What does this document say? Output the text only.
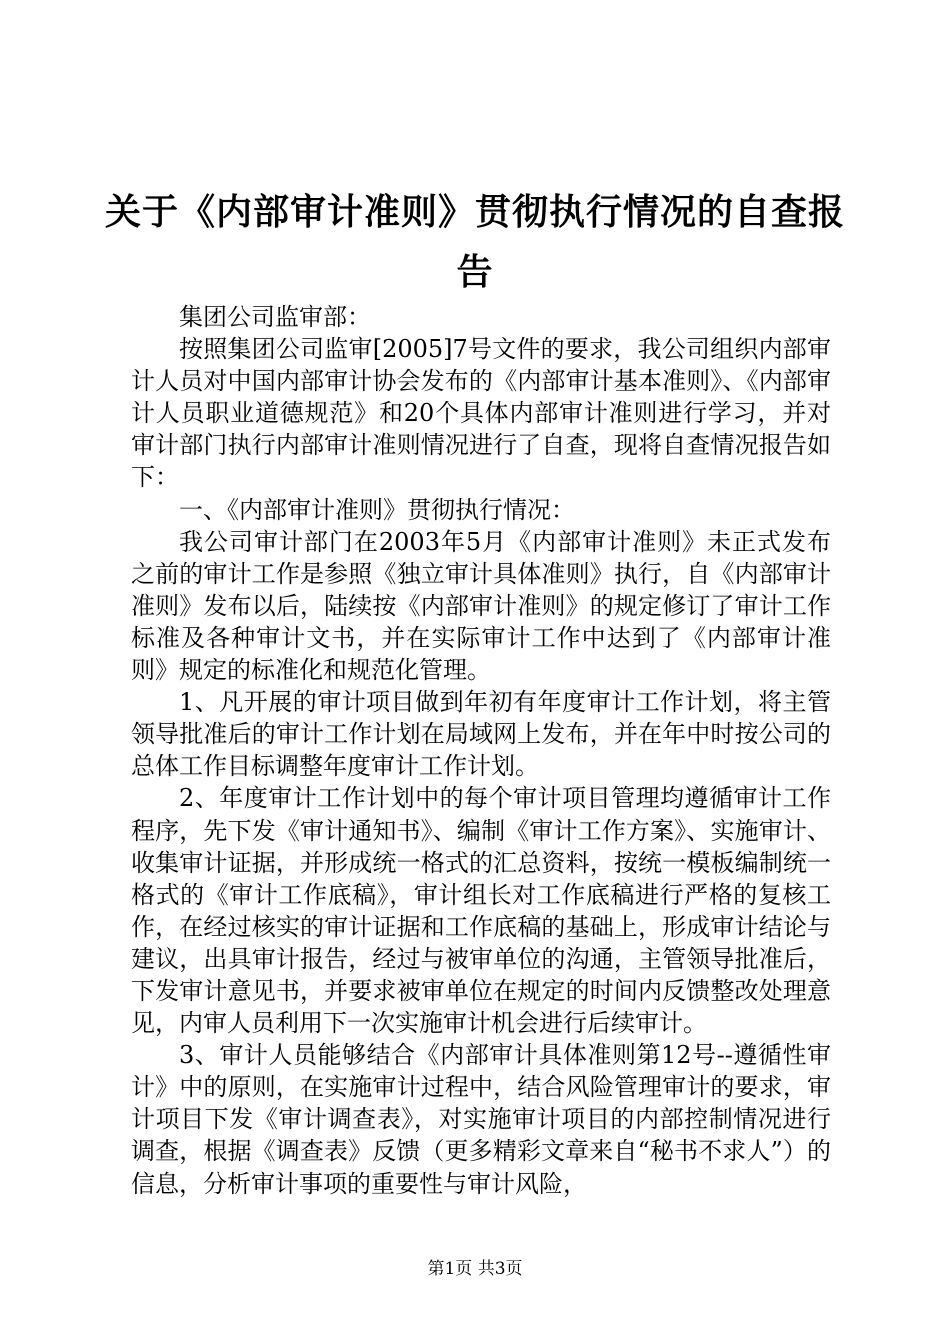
关于《内部审计准则》贯彻执行情况的自查报告

集团公司监审部：

按照集团公司监审[2005]7号文件的要求，我公司组织内部审计人员对中国内部审计协会发布的《内部审计基本准则》、《内部审计人员职业道德规范》和20个具体内部审计准则进行学习，并对审计部门执行内部审计准则情况进行了自查，现将自查情况报告如下：

一、《内部审计准则》贯彻执行情况：

我公司审计部门在2003年5月《内部审计准则》未正式发布之前的审计工作是参照《独立审计具体准则》执行，自《内部审计准则》发布以后，陆续按《内部审计准则》的规定修订了审计工作标准及各种审计文书，并在实际审计工作中达到了《内部审计准则》规定的标准化和规范化管理。

1、凡开展的审计项目做到年初有年度审计工作计划，将主管领导批准后的审计工作计划在局域网上发布，并在年中时按公司的总体工作目标调整年度审计工作计划。

2、年度审计工作计划中的每个审计项目管理均遵循审计工作程序，先下发《审计通知书》、编制《审计工作方案》、实施审计、收集审计证据，并形成统一格式的汇总资料，按统一模板编制统一格式的《审计工作底稿》，审计组长对工作底稿进行严格的复核工作，在经过核实的审计证据和工作底稿的基础上，形成审计结论与建议，出具审计报告，经过与被审单位的沟通，主管领导批准后，下发审计意见书，并要求被审单位在规定的时间内反馈整改处理意见，内审人员利用下一次实施审计机会进行后续审计。

3、审计人员能够结合《内部审计具体准则第12号--遵循性审计》中的原则，在实施审计过程中，结合风险管理审计的要求，审计项目下发《审计调查表》，对实施审计项目的内部控制情况进行调查，根据《调查表》反馈（更多精彩文章来自“秘书不求人”）的信息，分析审计事项的重要性与审计风险，

第1页 共3页
